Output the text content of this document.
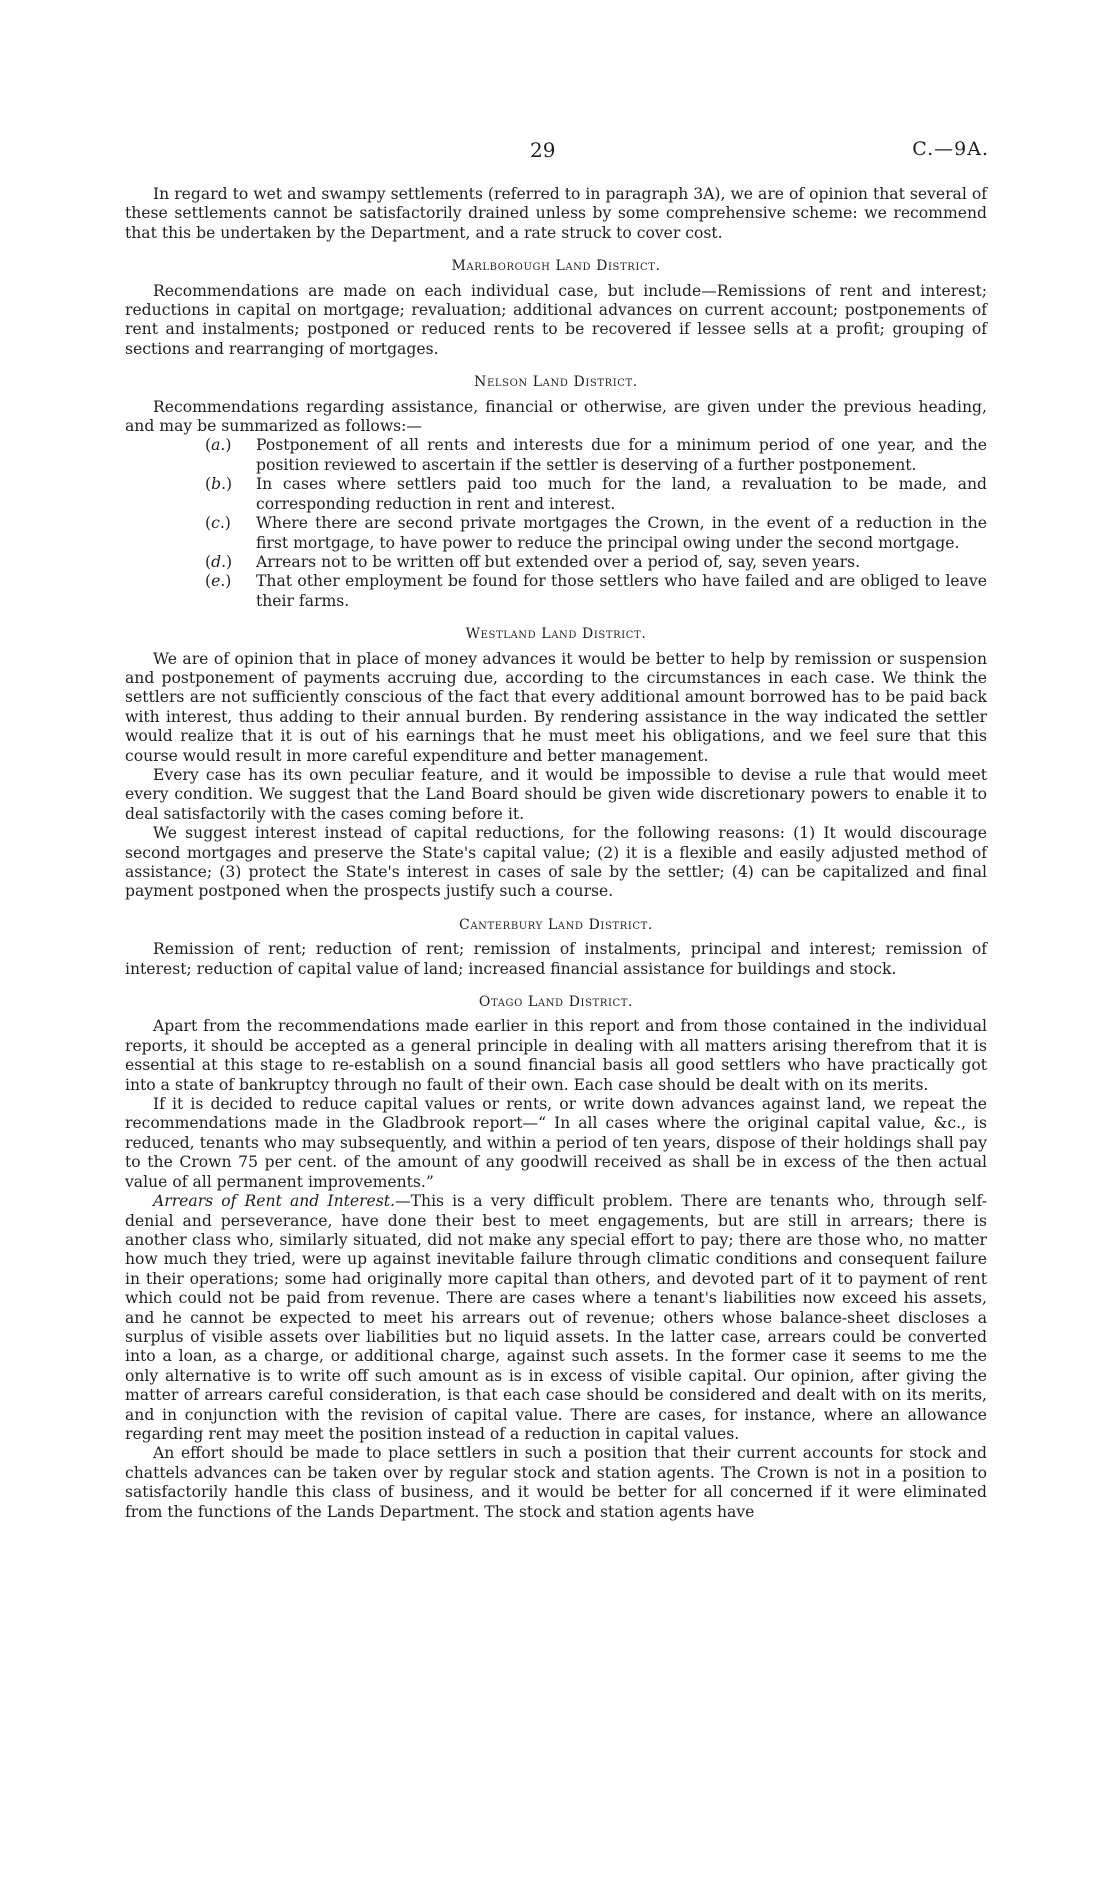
29	C.—9A.

In regard to wet and swampy settlements (referred to in paragraph 3A), we are of opinion that several of these settlements cannot be satisfactorily drained unless by some comprehensive scheme: we recommend that this be undertaken by the Department, and a rate struck to cover cost.

Marlborough Land District.

Recommendations are made on each individual case, but include—Remissions of rent and interest; reductions in capital on mortgage; revaluation; additional advances on current account; postponements of rent and instalments; postponed or reduced rents to be recovered if lessee sells at a profit; grouping of sections and rearranging of mortgages.

Nelson Land District.

Recommendations regarding assistance, financial or otherwise, are given under the previous heading, and may be summarized as follows:—

(a.) Postponement of all rents and interests due for a minimum period of one year, and the position reviewed to ascertain if the settler is deserving of a further postponement.
(b.) In cases where settlers paid too much for the land, a revaluation to be made, and corresponding reduction in rent and interest.
(c.) Where there are second private mortgages the Crown, in the event of a reduction in the first mortgage, to have power to reduce the principal owing under the second mortgage.
(d.) Arrears not to be written off but extended over a period of, say, seven years.
(e.) That other employment be found for those settlers who have failed and are obliged to leave their farms.
Westland Land District.

We are of opinion that in place of money advances it would be better to help by remission or suspension and postponement of payments accruing due, according to the circumstances in each case. We think the settlers are not sufficiently conscious of the fact that every additional amount borrowed has to be paid back with interest, thus adding to their annual burden. By rendering assistance in the way indicated the settler would realize that it is out of his earnings that he must meet his obligations, and we feel sure that this course would result in more careful expenditure and better management.

Every case has its own peculiar feature, and it would be impossible to devise a rule that would meet every condition. We suggest that the Land Board should be given wide discretionary powers to enable it to deal satisfactorily with the cases coming before it.

We suggest interest instead of capital reductions, for the following reasons: (1) It would discourage second mortgages and preserve the State's capital value; (2) it is a flexible and easily adjusted method of assistance; (3) protect the State's interest in cases of sale by the settler; (4) can be capitalized and final payment postponed when the prospects justify such a course.

Canterbury Land District.

Remission of rent; reduction of rent; remission of instalments, principal and interest; remission of interest; reduction of capital value of land; increased financial assistance for buildings and stock.

Otago Land District.

Apart from the recommendations made earlier in this report and from those contained in the individual reports, it should be accepted as a general principle in dealing with all matters arising therefrom that it is essential at this stage to re-establish on a sound financial basis all good settlers who have practically got into a state of bankruptcy through no fault of their own. Each case should be dealt with on its merits.

If it is decided to reduce capital values or rents, or write down advances against land, we repeat the recommendations made in the Gladbrook report—“ In all cases where the original capital value, &c., is reduced, tenants who may subsequently, and within a period of ten years, dispose of their holdings shall pay to the Crown 75 per cent. of the amount of any goodwill received as shall be in excess of the then actual value of all permanent improvements.”

Arrears of Rent and Interest.—This is a very difficult problem. There are tenants who, through self-denial and perseverance, have done their best to meet engagements, but are still in arrears; there is another class who, similarly situated, did not make any special effort to pay; there are those who, no matter how much they tried, were up against inevitable failure through climatic conditions and consequent failure in their operations; some had originally more capital than others, and devoted part of it to payment of rent which could not be paid from revenue. There are cases where a tenant's liabilities now exceed his assets, and he cannot be expected to meet his arrears out of revenue; others whose balance-sheet discloses a surplus of visible assets over liabilities but no liquid assets. In the latter case, arrears could be converted into a loan, as a charge, or additional charge, against such assets. In the former case it seems to me the only alternative is to write off such amount as is in excess of visible capital. Our opinion, after giving the matter of arrears careful consideration, is that each case should be considered and dealt with on its merits, and in conjunction with the revision of capital value. There are cases, for instance, where an allowance regarding rent may meet the position instead of a reduction in capital values.

An effort should be made to place settlers in such a position that their current accounts for stock and chattels advances can be taken over by regular stock and station agents. The Crown is not in a position to satisfactorily handle this class of business, and it would be better for all concerned if it were eliminated from the functions of the Lands Department. The stock and station agents have
